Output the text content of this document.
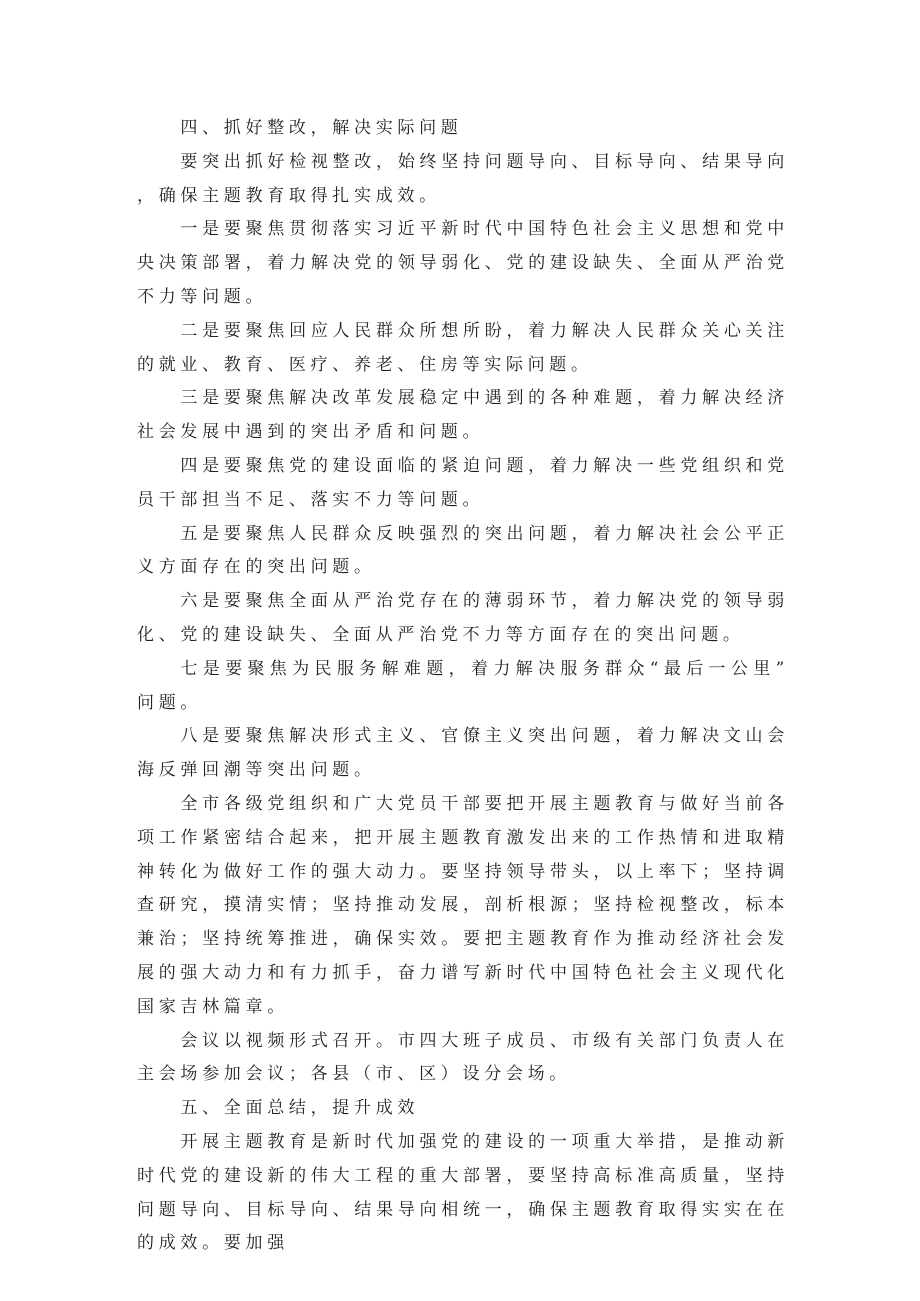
四、抓好整改，解决实际问题

要突出抓好检视整改，始终坚持问题导向、目标导向、结果导向，确保主题教育取得扎实成效。

一是要聚焦贯彻落实习近平新时代中国特色社会主义思想和党中央决策部署，着力解决党的领导弱化、党的建设缺失、全面从严治党不力等问题。

二是要聚焦回应人民群众所想所盼，着力解决人民群众关心关注的就业、教育、医疗、养老、住房等实际问题。

三是要聚焦解决改革发展稳定中遇到的各种难题，着力解决经济社会发展中遇到的突出矛盾和问题。

四是要聚焦党的建设面临的紧迫问题，着力解决一些党组织和党员干部担当不足、落实不力等问题。

五是要聚焦人民群众反映强烈的突出问题，着力解决社会公平正义方面存在的突出问题。

六是要聚焦全面从严治党存在的薄弱环节，着力解决党的领导弱化、党的建设缺失、全面从严治党不力等方面存在的突出问题。

七是要聚焦为民服务解难题，着力解决服务群众“最后一公里”问题。

八是要聚焦解决形式主义、官僚主义突出问题，着力解决文山会海反弹回潮等突出问题。

全市各级党组织和广大党员干部要把开展主题教育与做好当前各项工作紧密结合起来，把开展主题教育激发出来的工作热情和进取精神转化为做好工作的强大动力。要坚持领导带头，以上率下；坚持调查研究，摸清实情；坚持推动发展，剖析根源；坚持检视整改，标本兼治；坚持统筹推进，确保实效。要把主题教育作为推动经济社会发展的强大动力和有力抓手，奋力谱写新时代中国特色社会主义现代化国家吉林篇章。

会议以视频形式召开。市四大班子成员、市级有关部门负责人在主会场参加会议；各县（市、区）设分会场。

五、全面总结，提升成效

开展主题教育是新时代加强党的建设的一项重大举措，是推动新时代党的建设新的伟大工程的重大部署，要坚持高标准高质量，坚持问题导向、目标导向、结果导向相统一，确保主题教育取得实实在在的成效。要加强
